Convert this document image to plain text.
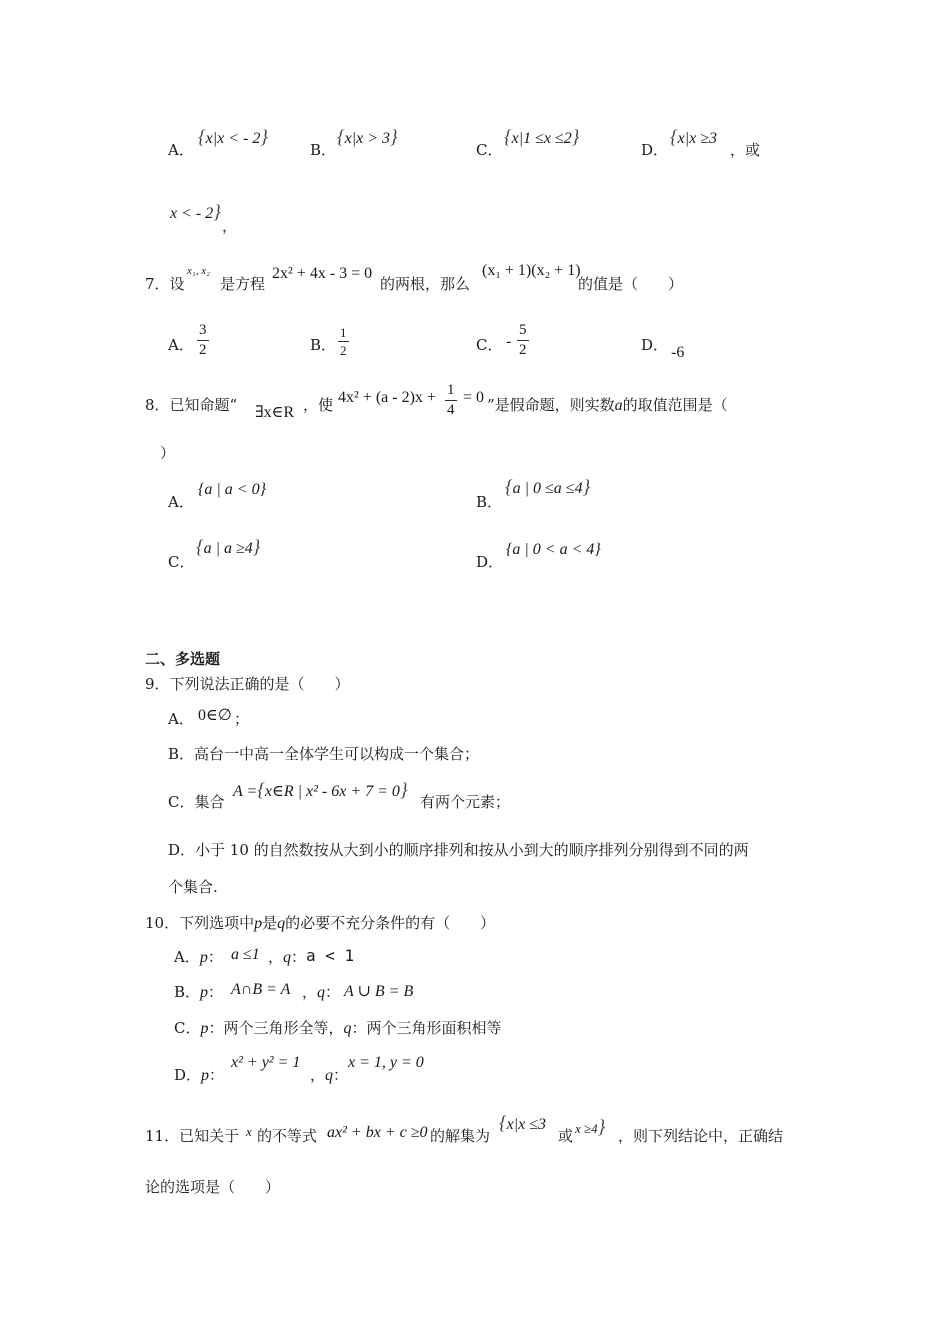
A．
{x|x < - 2}
B．
{x|x > 3}
C．
{x|1 ≤x ≤2}
D．
{x|x ≥3
，或
x < - 2}
，
7．设
x₁, x₂
是方程
2x² + 4x - 3 = 0
的两根，那么
(x₁ + 1)(x₂ + 1)
的值是（　　）
A． $\frac{3}{2}$	B． $\frac{1}{2}$	C． - $\frac{5}{2}$	D． -6
8．已知命题“ ∃x∈R ，使 $4x^2 + (a - 2)x + \frac{1}{4} = 0$ ”是假命题，则实数a的取值范围是（
）
A．
{a | a < 0}
B．
{a | 0 ≤a ≤4}
C．
{a | a ≥4}
D．
{a | 0 < a < 4}
二、多选题
9．下列说法正确的是（　　）
A． 0∈∅ ；
B．高台一中高一全体学生可以构成一个集合；
C．集合
A ={x∈R | x² - 6x + 7 = 0}
有两个元素；
D．小于 10 的自然数按从大到小的顺序排列和按从小到大的顺序排列分别得到不同的两
个集合.
10．下列选项中p是q的必要不充分条件的有（　　）
A．p： a ≤1 ，q： a < 1
B．p： A∩B = A ，q： A ∪ B = B
C．p：两个三角形全等，q：两个三角形面积相等
D．p：
x² + y² = 1
，q：
x = 1, y = 0
11．已知关于 x 的不等式 ax² + bx + c ≥0 的解集为
{x|x ≤3
或 x ≥4} ，则下列结论中，正确结
论的选项是（　　）
